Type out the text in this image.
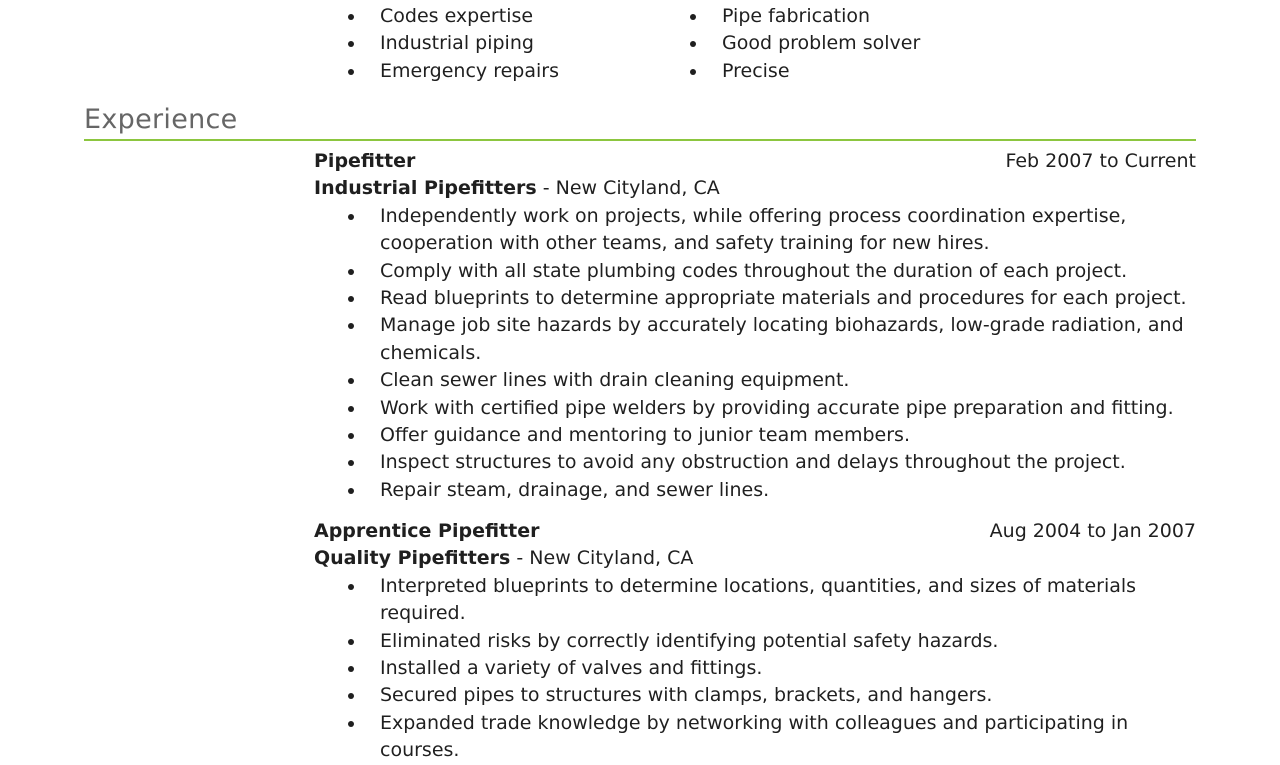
Codes expertise
Industrial piping
Emergency repairs
Pipe fabrication
Good problem solver
Precise
Experience
Pipefitter	Feb 2007 to Current
Industrial Pipefitters - New Cityland, CA
Independently work on projects, while offering process coordination expertise, cooperation with other teams, and safety training for new hires.
Comply with all state plumbing codes throughout the duration of each project.
Read blueprints to determine appropriate materials and procedures for each project.
Manage job site hazards by accurately locating biohazards, low-grade radiation, and chemicals.
Clean sewer lines with drain cleaning equipment.
Work with certified pipe welders by providing accurate pipe preparation and fitting.
Offer guidance and mentoring to junior team members.
Inspect structures to avoid any obstruction and delays throughout the project.
Repair steam, drainage, and sewer lines.
Apprentice Pipefitter	Aug 2004 to Jan 2007
Quality Pipefitters - New Cityland, CA
Interpreted blueprints to determine locations, quantities, and sizes of materials required.
Eliminated risks by correctly identifying potential safety hazards.
Installed a variety of valves and fittings.
Secured pipes to structures with clamps, brackets, and hangers.
Expanded trade knowledge by networking with colleagues and participating in courses.
